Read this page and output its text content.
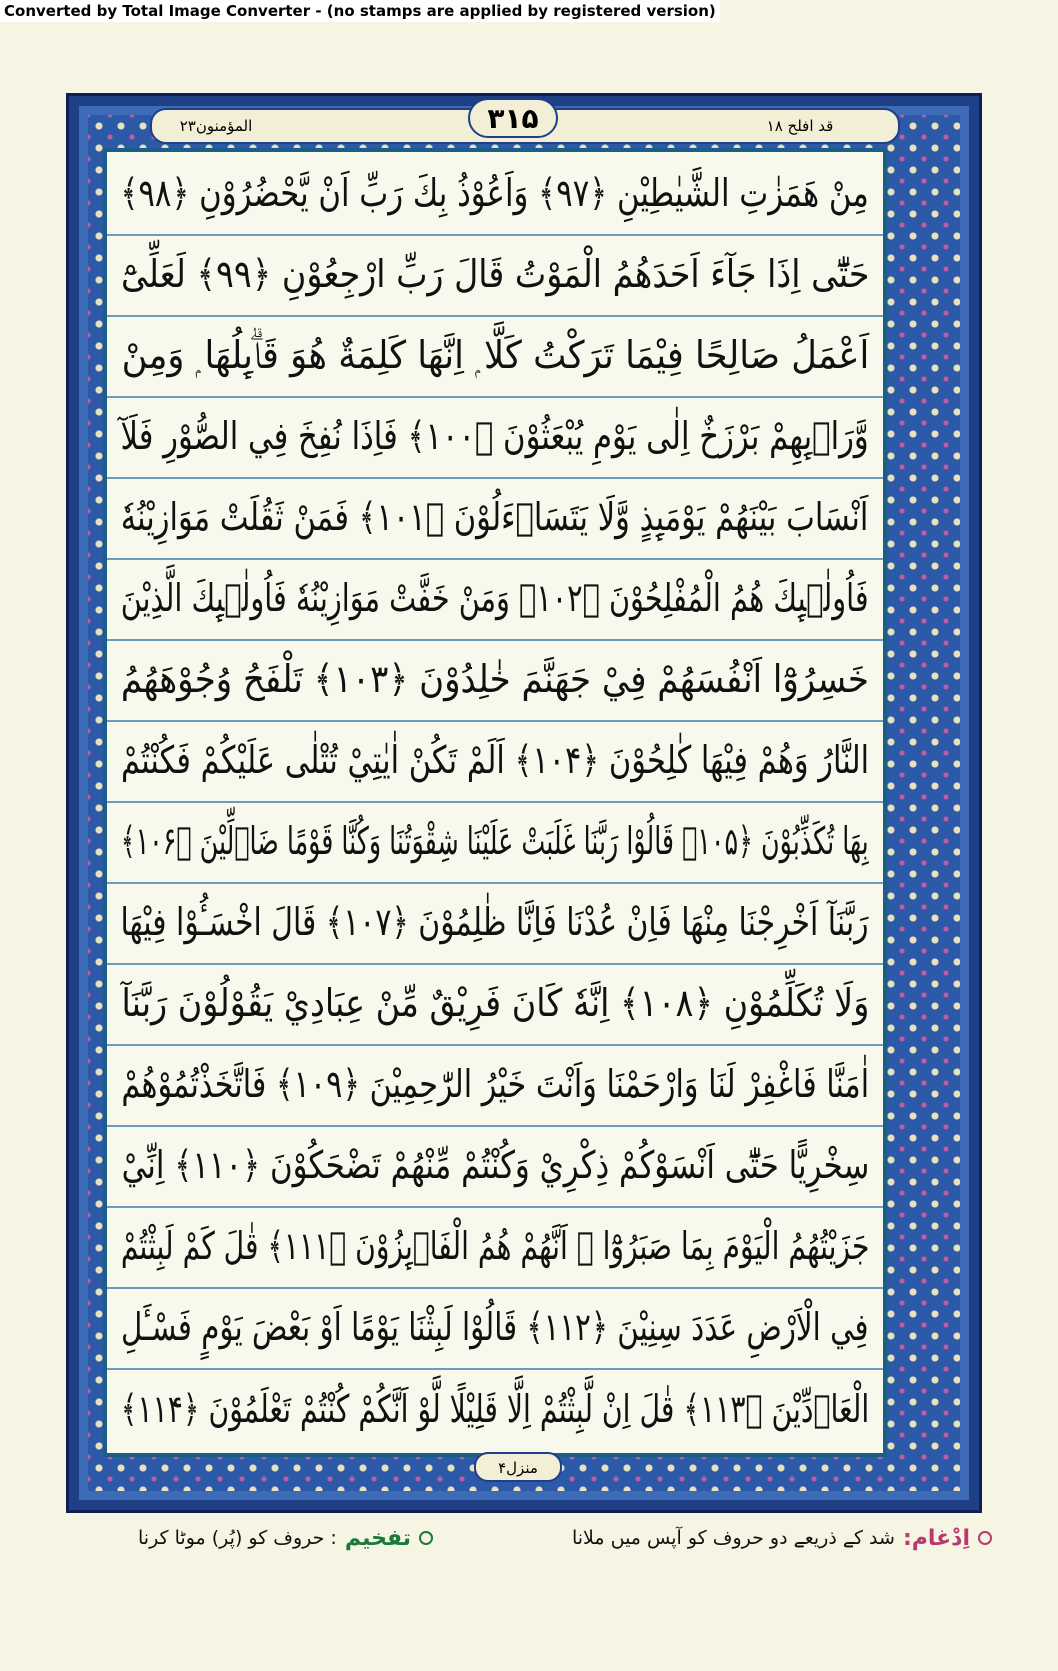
Converted by Total Image Converter - (no stamps are applied by registered version)
المؤمنون۲۳	۳۱۵	قد افلح ۱۸
مِنْ هَمَزٰتِ الشَّيٰطِيْنِ ﴿۹۷﴾ وَاَعُوْذُ بِكَ رَبِّ اَنْ يَّحْضُرُوْنِ ﴿۹۸﴾
حَتّٰٓى اِذَا جَآءَ اَحَدَهُمُ الْمَوْتُ قَالَ رَبِّ ارْجِعُوْنِ ﴿۹۹﴾ لَعَلِّیْٓ
اَعْمَلُ صَالِحًا فِيْمَا تَرَكْتُ كَلَّا ۭ اِنَّهَا كَلِمَةٌ هُوَ قَاۗىِٕلُهَا ۭ وَمِنْ
وَّرَاۗىِٕهِمْ بَرْزَخٌ اِلٰى يَوْمِ يُبْعَثُوْنَ ﴿۱۰۰﴾ فَاِذَا نُفِخَ فِي الصُّوْرِ فَلَآ
اَنْسَابَ بَيْنَهُمْ يَوْمَىِٕذٍ وَّلَا يَتَسَاۗءَلُوْنَ ﴿۱۰۱﴾ فَمَنْ ثَقُلَتْ مَوَازِيْنُهٗ
فَاُولٰۗىِٕكَ هُمُ الْمُفْلِحُوْنَ ﴿۱۰۲﴾ وَمَنْ خَفَّتْ مَوَازِيْنُهٗ فَاُولٰۗىِٕكَ الَّذِيْنَ
خَسِرُوْٓا اَنْفُسَهُمْ فِيْ جَهَنَّمَ خٰلِدُوْنَ ﴿۱۰۳﴾ تَلْفَحُ وُجُوْهَهُمُ
النَّارُ وَهُمْ فِيْهَا كٰلِحُوْنَ ﴿۱۰۴﴾ اَلَمْ تَكُنْ اٰيٰتِيْ تُتْلٰى عَلَيْكُمْ فَكُنْتُمْ
بِهَا تُكَذِّبُوْنَ ﴿۱۰۵﴾ قَالُوْا رَبَّنَا غَلَبَتْ عَلَيْنَا شِقْوَتُنَا وَكُنَّا قَوْمًا ضَاۗلِّيْنَ ﴿۱۰۶﴾
رَبَّنَآ اَخْرِجْنَا مِنْهَا فَاِنْ عُدْنَا فَاِنَّا ظٰلِمُوْنَ ﴿۱۰۷﴾ قَالَ اخْسَـُٔوْا فِيْهَا
وَلَا تُكَلِّمُوْنِ ﴿۱۰۸﴾ اِنَّهٗ كَانَ فَرِيْقٌ مِّنْ عِبَادِيْ يَقُوْلُوْنَ رَبَّنَآ
اٰمَنَّا فَاغْفِرْ لَنَا وَارْحَمْنَا وَاَنْتَ خَيْرُ الرّٰحِمِيْنَ ﴿۱۰۹﴾ فَاتَّخَذْتُمُوْهُمْ
سِخْرِيًّا حَتّٰٓى اَنْسَوْكُمْ ذِكْرِيْ وَكُنْتُمْ مِّنْهُمْ تَضْحَكُوْنَ ﴿۱۱۰﴾ اِنِّيْ
جَزَيْتُهُمُ الْيَوْمَ بِمَا صَبَرُوْٓا ۙ اَنَّهُمْ هُمُ الْفَاۗىِٕزُوْنَ ﴿۱۱۱﴾ قٰلَ كَمْ لَبِثْتُمْ
فِي الْاَرْضِ عَدَدَ سِنِيْنَ ﴿۱۱۲﴾ قَالُوْا لَبِثْنَا يَوْمًا اَوْ بَعْضَ يَوْمٍ فَسْـَٔلِ
الْعَاۗدِّيْنَ ﴿۱۱۳﴾ قٰلَ اِنْ لَّبِثْتُمْ اِلَّا قَلِيْلًا لَّوْ اَنَّكُمْ كُنْتُمْ تَعْلَمُوْنَ ﴿۱۱۴﴾
منزل۴
اِدْغام:
شد کے ذریعے دو حروف کو آپس میں ملانا
تفخیم
: حروف کو (پُر) موٹا کرنا
